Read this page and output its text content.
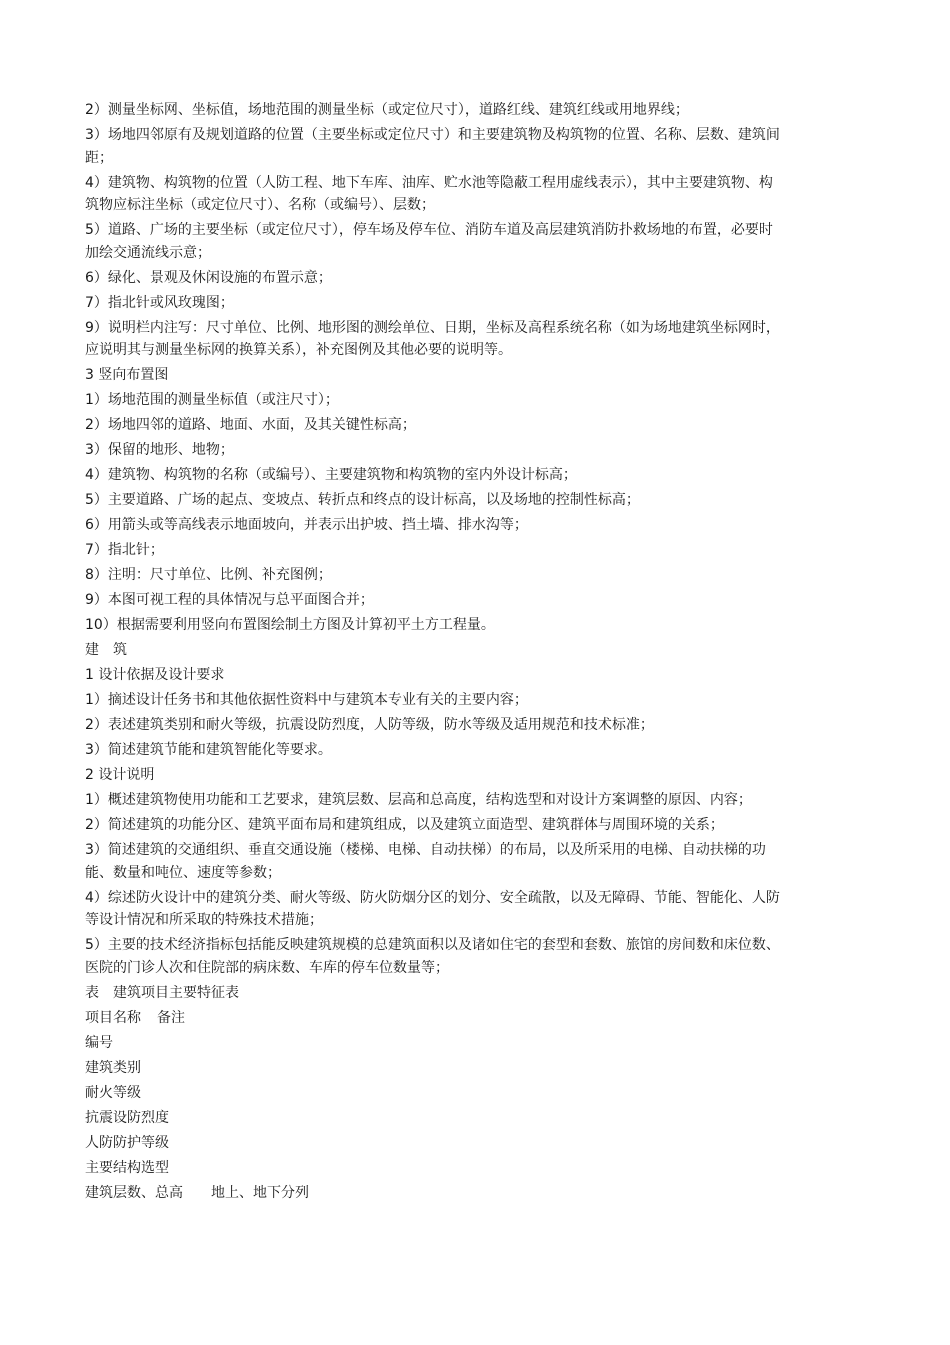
2）测量坐标网、坐标值，场地范围的测量坐标（或定位尺寸），道路红线、建筑红线或用地界线；

3）场地四邻原有及规划道路的位置（主要坐标或定位尺寸）和主要建筑物及构筑物的位置、名称、层数、建筑间距；

4）建筑物、构筑物的位置（人防工程、地下车库、油库、贮水池等隐蔽工程用虚线表示），其中主要建筑物、构筑物应标注坐标（或定位尺寸）、名称（或编号）、层数；

5）道路、广场的主要坐标（或定位尺寸），停车场及停车位、消防车道及高层建筑消防扑救场地的布置，必要时加绘交通流线示意；

6）绿化、景观及休闲设施的布置示意；

7）指北针或风玫瑰图；

9）说明栏内注写：尺寸单位、比例、地形图的测绘单位、日期，坐标及高程系统名称（如为场地建筑坐标网时，应说明其与测量坐标网的换算关系），补充图例及其他必要的说明等。

3 竖向布置图

1）场地范围的测量坐标值（或注尺寸）；

2）场地四邻的道路、地面、水面，及其关键性标高；

3）保留的地形、地物；

4）建筑物、构筑物的名称（或编号）、主要建筑物和构筑物的室内外设计标高；

5）主要道路、广场的起点、变坡点、转折点和终点的设计标高，以及场地的控制性标高；

6）用箭头或等高线表示地面坡向，并表示出护坡、挡土墙、排水沟等；

7）指北针；

8）注明：尺寸单位、比例、补充图例；

9）本图可视工程的具体情况与总平面图合并；

10）根据需要利用竖向布置图绘制土方图及计算初平土方工程量。

建　筑

1 设计依据及设计要求

1）摘述设计任务书和其他依据性资料中与建筑本专业有关的主要内容；

2）表述建筑类别和耐火等级，抗震设防烈度，人防等级，防水等级及适用规范和技术标准；

3）简述建筑节能和建筑智能化等要求。

2 设计说明

1）概述建筑物使用功能和工艺要求，建筑层数、层高和总高度，结构选型和对设计方案调整的原因、内容；

2）简述建筑的功能分区、建筑平面布局和建筑组成，以及建筑立面造型、建筑群体与周围环境的关系；

3）简述建筑的交通组织、垂直交通设施（楼梯、电梯、自动扶梯）的布局，以及所采用的电梯、自动扶梯的功能、数量和吨位、速度等参数；

4）综述防火设计中的建筑分类、耐火等级、防火防烟分区的划分、安全疏散，以及无障碍、节能、智能化、人防等设计情况和所采取的特殊技术措施；

5）主要的技术经济指标包括能反映建筑规模的总建筑面积以及诸如住宅的套型和套数、旅馆的房间数和床位数、医院的门诊人次和住院部的病床数、车库的停车位数量等；

表　建筑项目主要特征表

项目名称 备注

编号

建筑类别

耐火等级

抗震设防烈度

人防防护等级

主要结构选型

建筑层数、总高 地上、地下分列
